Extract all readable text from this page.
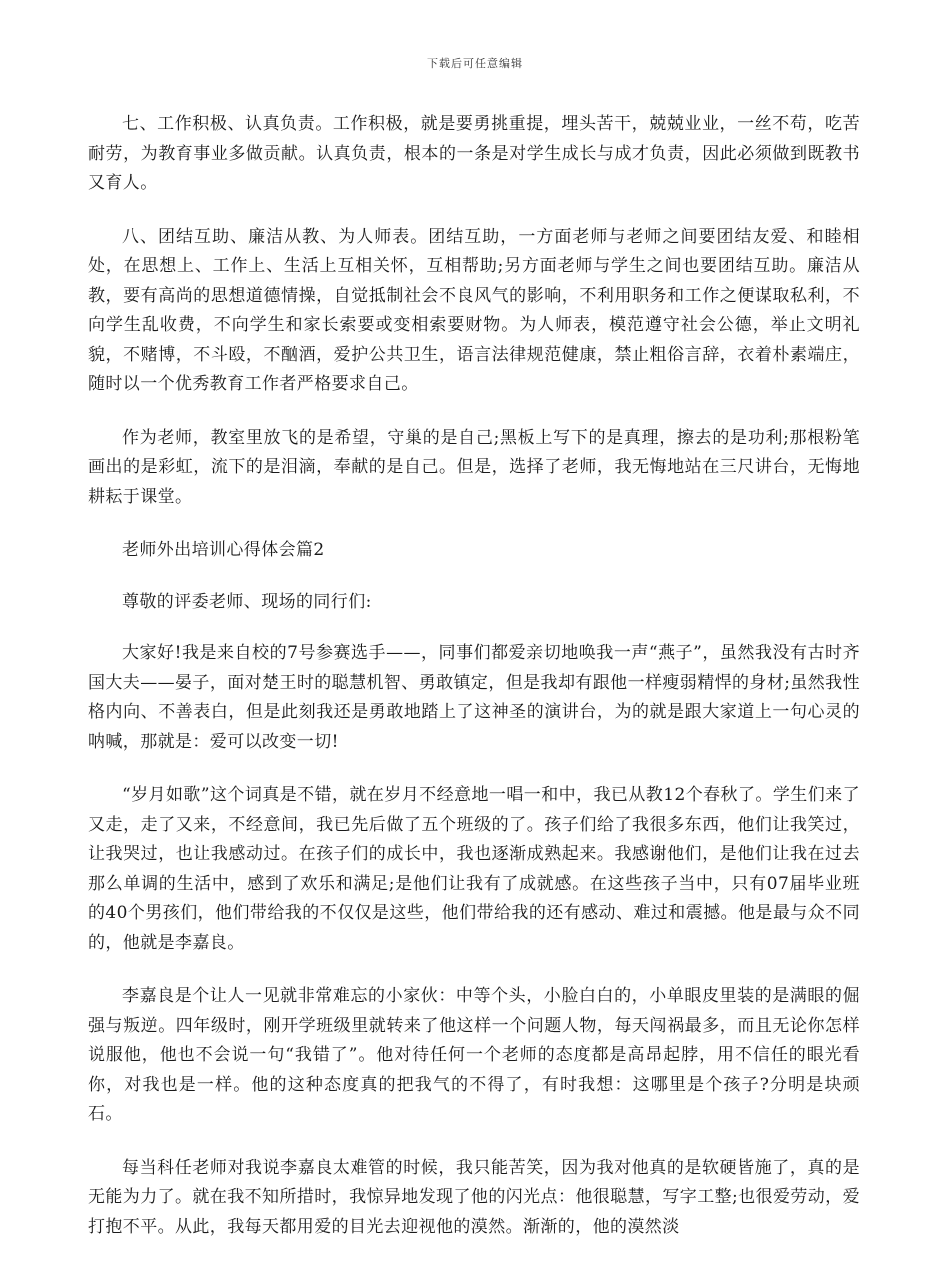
下载后可任意编辑

七、工作积极、认真负责。工作积极，就是要勇挑重提，埋头苦干，兢兢业业，一丝不苟，吃苦耐劳，为教育事业多做贡献。认真负责，根本的一条是对学生成长与成才负责，因此必须做到既教书又育人。

八、团结互助、廉洁从教、为人师表。团结互助，一方面老师与老师之间要团结友爱、和睦相处，在思想上、工作上、生活上互相关怀，互相帮助;另方面老师与学生之间也要团结互助。廉洁从教，要有高尚的思想道德情操，自觉抵制社会不良风气的影响，不利用职务和工作之便谋取私利，不向学生乱收费，不向学生和家长索要或变相索要财物。为人师表，模范遵守社会公德，举止文明礼貌，不赌博，不斗殴，不酗酒，爱护公共卫生，语言法律规范健康，禁止粗俗言辞，衣着朴素端庄，随时以一个优秀教育工作者严格要求自己。

作为老师，教室里放飞的是希望，守巢的是自己;黑板上写下的是真理，擦去的是功利;那根粉笔画出的是彩虹，流下的是泪滴，奉献的是自己。但是，选择了老师，我无悔地站在三尺讲台，无悔地耕耘于课堂。

老师外出培训心得体会篇2

尊敬的评委老师、现场的同行们:

大家好!我是来自校的7号参赛选手——，同事们都爱亲切地唤我一声“燕子”，虽然我没有古时齐国大夫——晏子，面对楚王时的聪慧机智、勇敢镇定，但是我却有跟他一样瘦弱精悍的身材;虽然我性格内向、不善表白，但是此刻我还是勇敢地踏上了这神圣的演讲台，为的就是跟大家道上一句心灵的呐喊，那就是：爱可以改变一切!

“岁月如歌”这个词真是不错，就在岁月不经意地一唱一和中，我已从教12个春秋了。学生们来了又走，走了又来，不经意间，我已先后做了五个班级的了。孩子们给了我很多东西，他们让我笑过，让我哭过，也让我感动过。在孩子们的成长中，我也逐渐成熟起来。我感谢他们，是他们让我在过去那么单调的生活中，感到了欢乐和满足;是他们让我有了成就感。在这些孩子当中，只有07届毕业班的40个男孩们，他们带给我的不仅仅是这些，他们带给我的还有感动、难过和震撼。他是最与众不同的，他就是李嘉良。

李嘉良是个让人一见就非常难忘的小家伙：中等个头，小脸白白的，小单眼皮里装的是满眼的倔强与叛逆。四年级时，刚开学班级里就转来了他这样一个问题人物，每天闯祸最多，而且无论你怎样说服他，他也不会说一句“我错了”。他对待任何一个老师的态度都是高昂起脖，用不信任的眼光看你，对我也是一样。他的这种态度真的把我气的不得了，有时我想：这哪里是个孩子?分明是块顽石。

每当科任老师对我说李嘉良太难管的时候，我只能苦笑，因为我对他真的是软硬皆施了，真的是无能为力了。就在我不知所措时，我惊异地发现了他的闪光点：他很聪慧，写字工整;也很爱劳动，爱打抱不平。从此，我每天都用爱的目光去迎视他的漠然。渐渐的，他的漠然淡
